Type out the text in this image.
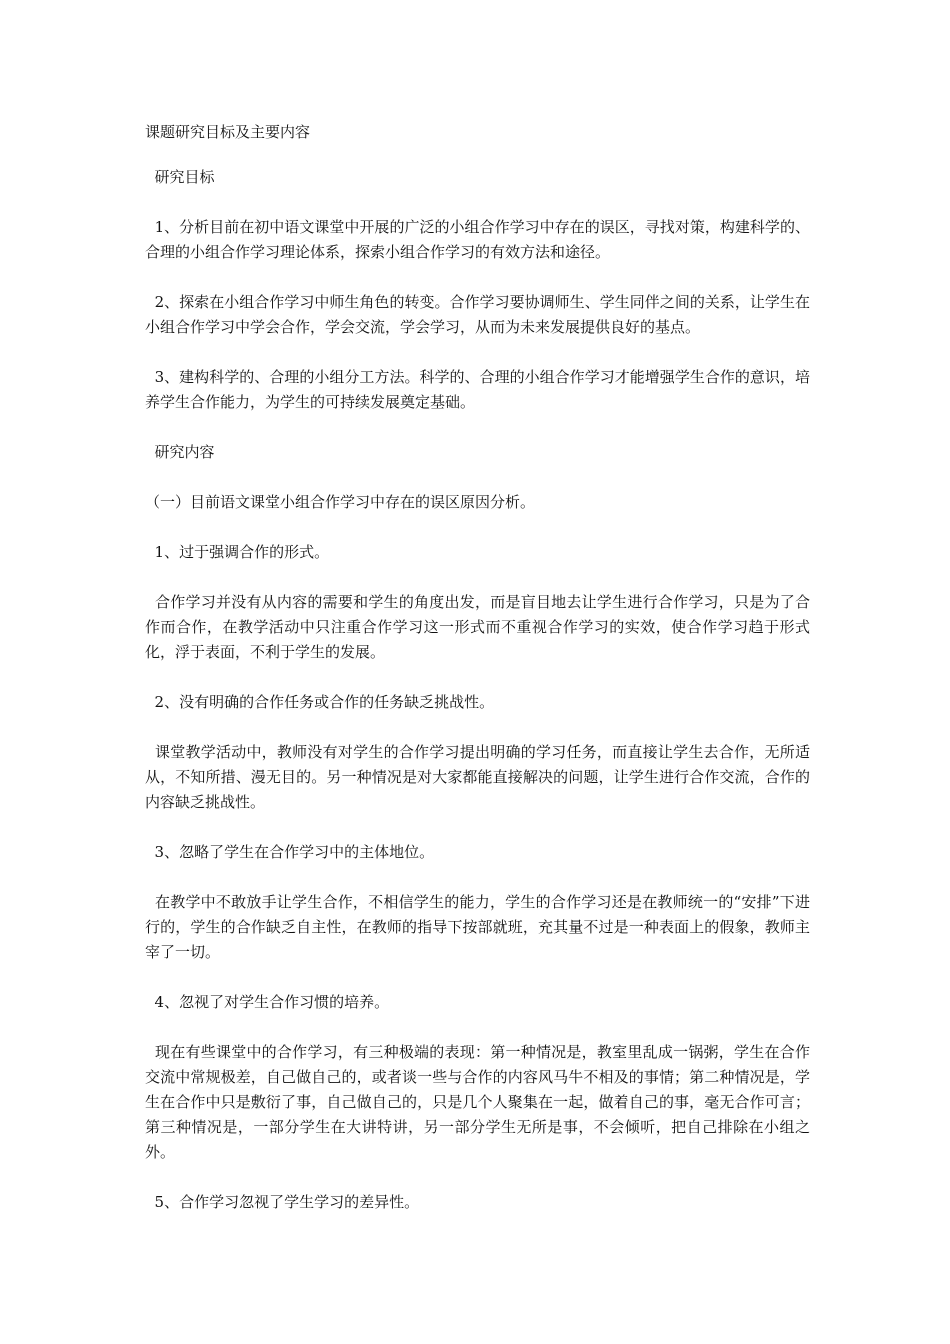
课题研究目标及主要内容

研究目标

1、分析目前在初中语文课堂中开展的广泛的小组合作学习中存在的误区，寻找对策，构建科学的、合理的小组合作学习理论体系，探索小组合作学习的有效方法和途径。

2、探索在小组合作学习中师生角色的转变。合作学习要协调师生、学生同伴之间的关系，让学生在小组合作学习中学会合作，学会交流，学会学习，从而为未来发展提供良好的基点。

3、建构科学的、合理的小组分工方法。科学的、合理的小组合作学习才能增强学生合作的意识，培养学生合作能力，为学生的可持续发展奠定基础。

研究内容

（一）目前语文课堂小组合作学习中存在的误区原因分析。

1、过于强调合作的形式。

合作学习并没有从内容的需要和学生的角度出发，而是盲目地去让学生进行合作学习，只是为了合作而合作，在教学活动中只注重合作学习这一形式而不重视合作学习的实效，使合作学习趋于形式化，浮于表面，不利于学生的发展。

2、没有明确的合作任务或合作的任务缺乏挑战性。

课堂教学活动中，教师没有对学生的合作学习提出明确的学习任务，而直接让学生去合作，无所适从，不知所措、漫无目的。另一种情况是对大家都能直接解决的问题，让学生进行合作交流，合作的内容缺乏挑战性。

3、忽略了学生在合作学习中的主体地位。

在教学中不敢放手让学生合作，不相信学生的能力，学生的合作学习还是在教师统一的“安排”下进行的，学生的合作缺乏自主性，在教师的指导下按部就班，充其量不过是一种表面上的假象，教师主宰了一切。

4、忽视了对学生合作习惯的培养。

现在有些课堂中的合作学习，有三种极端的表现：第一种情况是，教室里乱成一锅粥，学生在合作交流中常规极差，自己做自己的，或者谈一些与合作的内容风马牛不相及的事情；第二种情况是，学生在合作中只是敷衍了事，自己做自己的，只是几个人聚集在一起，做着自己的事，毫无合作可言；第三种情况是，一部分学生在大讲特讲，另一部分学生无所是事，不会倾听，把自己排除在小组之外。

5、合作学习忽视了学生学习的差异性。
